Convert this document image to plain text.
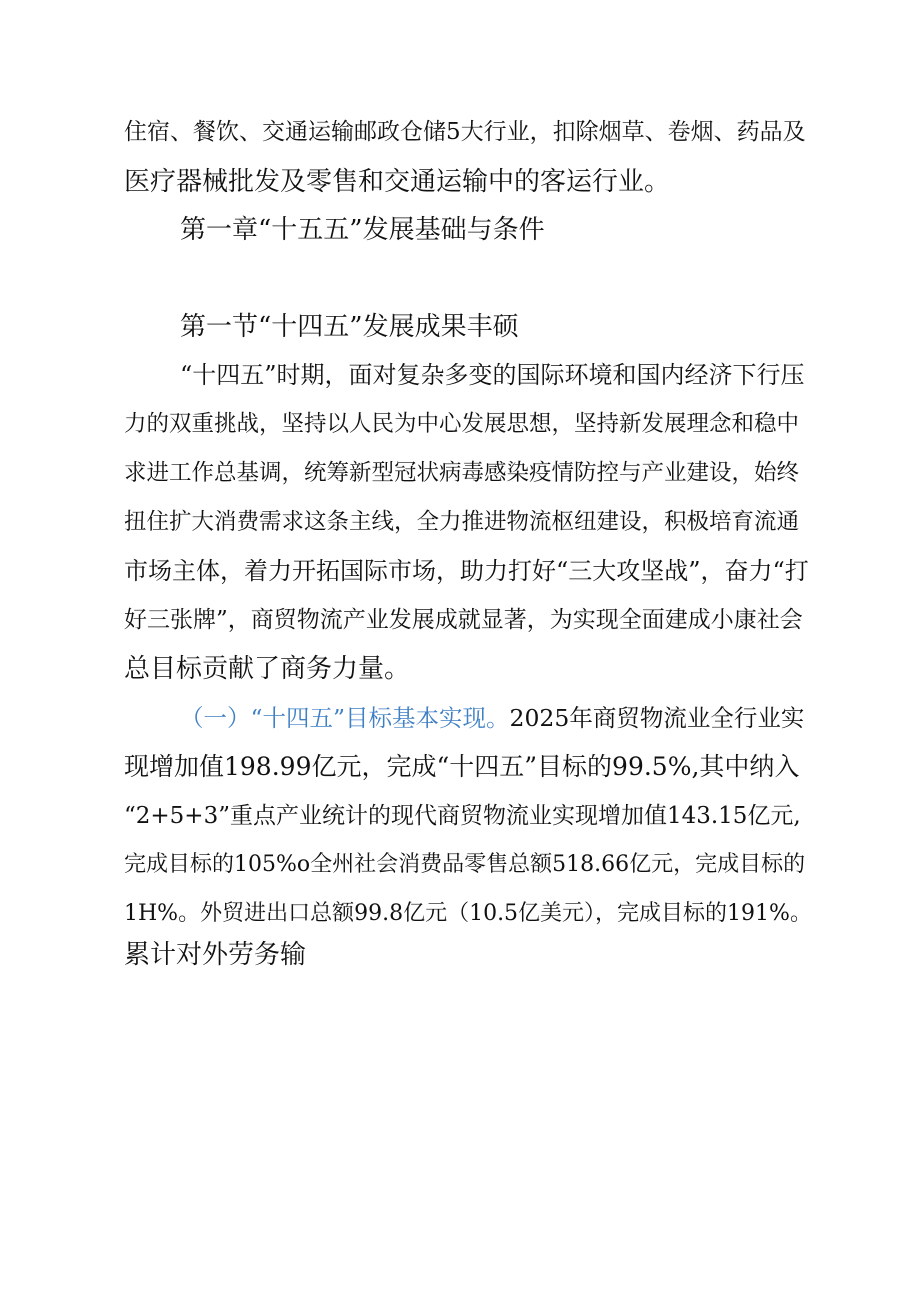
住宿、餐饮、交通运输邮政仓储5大行业，扣除烟草、卷烟、药品及
医疗器械批发及零售和交通运输中的客运行业。
第一章“十五五”发展基础与条件
第一节“十四五”发展成果丰硕
“十四五”时期，面对复杂多变的国际环境和国内经济下行压
力的双重挑战，坚持以人民为中心发展思想，坚持新发展理念和稳中
求进工作总基调，统筹新型冠状病毒感染疫情防控与产业建设，始终
扭住扩大消费需求这条主线，全力推进物流枢纽建设，积极培育流通
市场主体，着力开拓国际市场，助力打好“三大攻坚战”，奋力“打
好三张牌”，商贸物流产业发展成就显著，为实现全面建成小康社会
总目标贡献了商务力量。
（一）“十四五”目标基本实现。2025年商贸物流业全行业实
现增加值198.99亿元，完成“十四五”目标的99.5%,其中纳入
“2+5+3”重点产业统计的现代商贸物流业实现增加值143.15亿元,
完成目标的105%o全州社会消费品零售总额518.66亿元，完成目标的
1H%。外贸进出口总额99.8亿元（10.5亿美元），完成目标的191%。
累计对外劳务输
